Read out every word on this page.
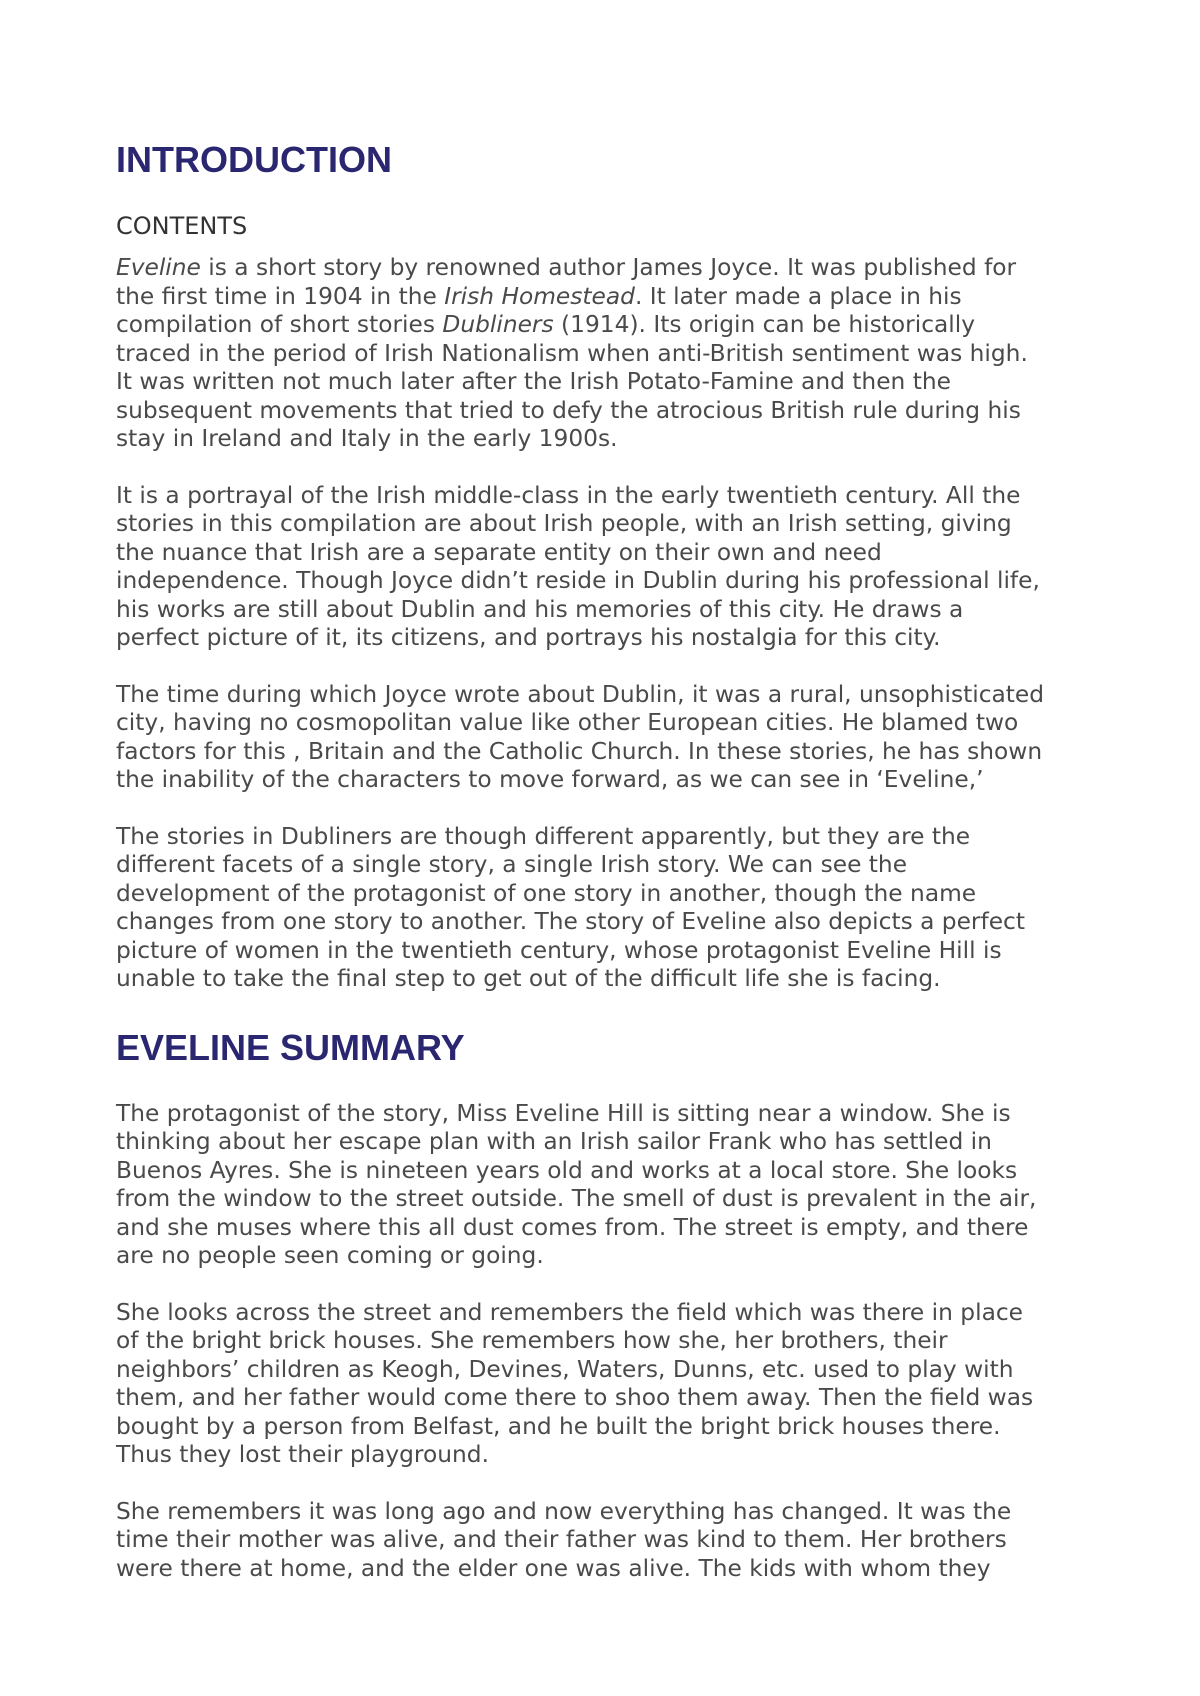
INTRODUCTION
CONTENTS

Eveline is a short story by renowned author James Joyce. It was published for
the first time in 1904 in the Irish Homestead. It later made a place in his
compilation of short stories Dubliners (1914). Its origin can be historically
traced in the period of Irish Nationalism when anti-British sentiment was high.
It was written not much later after the Irish Potato-Famine and then the
subsequent movements that tried to defy the atrocious British rule during his
stay in Ireland and Italy in the early 1900s.

It is a portrayal of the Irish middle-class in the early twentieth century. All the
stories in this compilation are about Irish people, with an Irish setting, giving
the nuance that Irish are a separate entity on their own and need
independence. Though Joyce didn’t reside in Dublin during his professional life,
his works are still about Dublin and his memories of this city. He draws a
perfect picture of it, its citizens, and portrays his nostalgia for this city.

The time during which Joyce wrote about Dublin, it was a rural, unsophisticated
city, having no cosmopolitan value like other European cities. He blamed two
factors for this , Britain and the Catholic Church. In these stories, he has shown
the inability of the characters to move forward, as we can see in ‘Eveline,’

The stories in Dubliners are though different apparently, but they are the
different facets of a single story, a single Irish story. We can see the
development of the protagonist of one story in another, though the name
changes from one story to another. The story of Eveline also depicts a perfect
picture of women in the twentieth century, whose protagonist Eveline Hill is
unable to take the final step to get out of the difficult life she is facing.

EVELINE SUMMARY

The protagonist of the story, Miss Eveline Hill is sitting near a window. She is
thinking about her escape plan with an Irish sailor Frank who has settled in
Buenos Ayres. She is nineteen years old and works at a local store. She looks
from the window to the street outside. The smell of dust is prevalent in the air,
and she muses where this all dust comes from. The street is empty, and there
are no people seen coming or going.

She looks across the street and remembers the field which was there in place
of the bright brick houses. She remembers how she, her brothers, their
neighbors’ children as Keogh, Devines, Waters, Dunns, etc. used to play with
them, and her father would come there to shoo them away. Then the field was
bought by a person from Belfast, and he built the bright brick houses there.
Thus they lost their playground.

She remembers it was long ago and now everything has changed. It was the
time their mother was alive, and their father was kind to them. Her brothers
were there at home, and the elder one was alive. The kids with whom they
